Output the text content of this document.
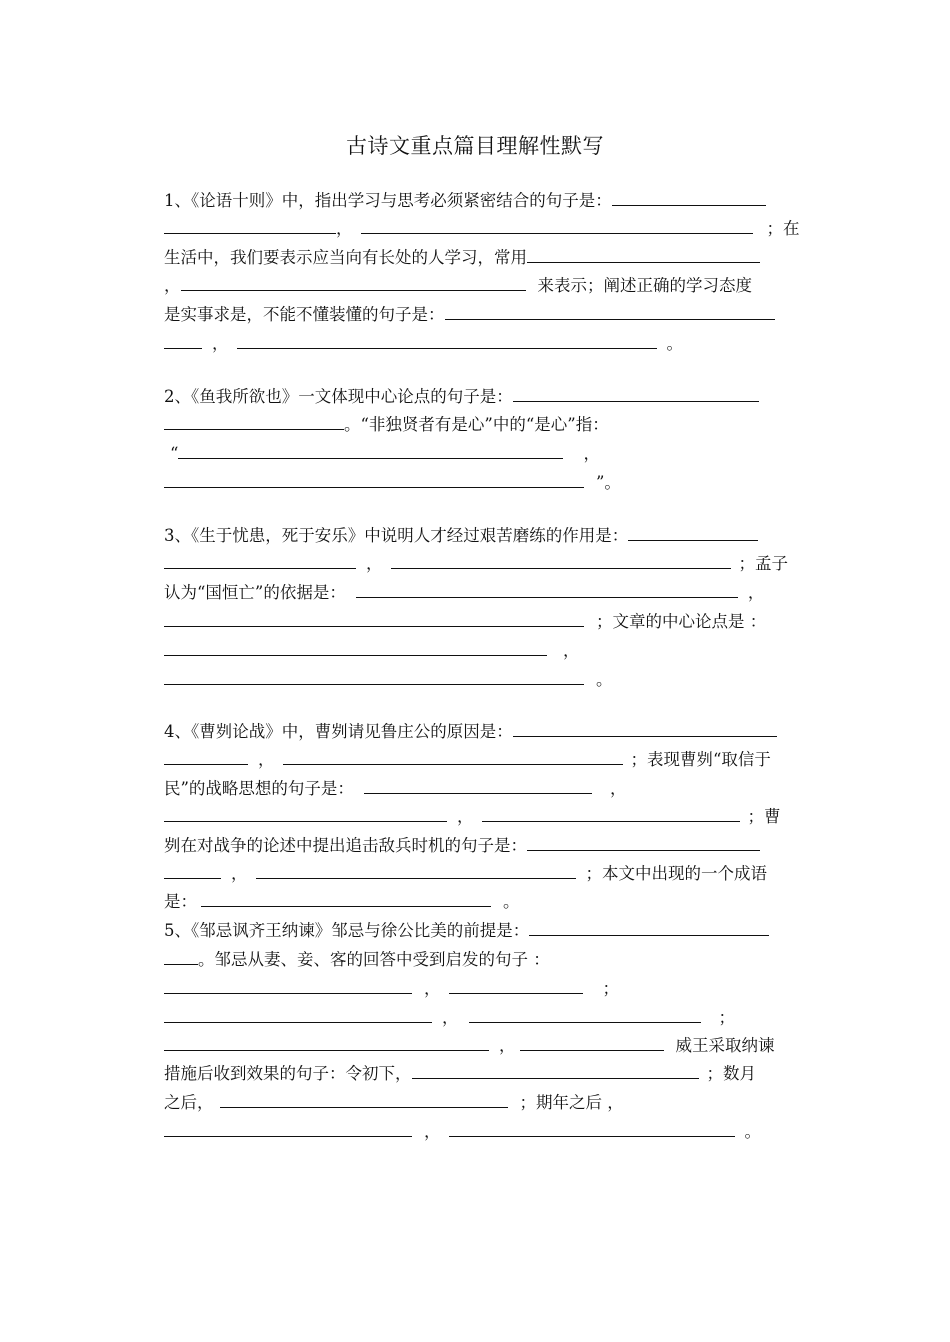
古诗文重点篇目理解性默写
1、《论语十则》中，指出学习与思考必须紧密结合的句子是：
，	；在
生活中，我们要表示应当向有长处的人学习，常用
，	来表示；阐述正确的学习态度
是实事求是，不能不懂装懂的句子是：
，	。
2、《鱼我所欲也》一文体现中心论点的句子是：
。“非独贤者有是心”中的“是心”指：
“	，
”。
3、《生于忧患，死于安乐》中说明人才经过艰苦磨练的作用是：
，	；孟子
认为“国恒亡”的依据是：	，
；文章的中心论点是 ：
，
。
4、《曹刿论战》中，曹刿请见鲁庄公的原因是：
，	；表现曹刿“取信于
民”的战略思想的句子是：	，
，	；曹
刿在对战争的论述中提出追击敌兵时机的句子是：
，	；本文中出现的一个成语
是：	。
5、《邹忌讽齐王纳谏》邹忌与徐公比美的前提是：
。邹忌从妻、妾、客的回答中受到启发的句子 ：
，	；
，	；
，	威王采取纳谏
措施后收到效果的句子：令初下，	；数月
之后，	；期年之后 ，
，	。
